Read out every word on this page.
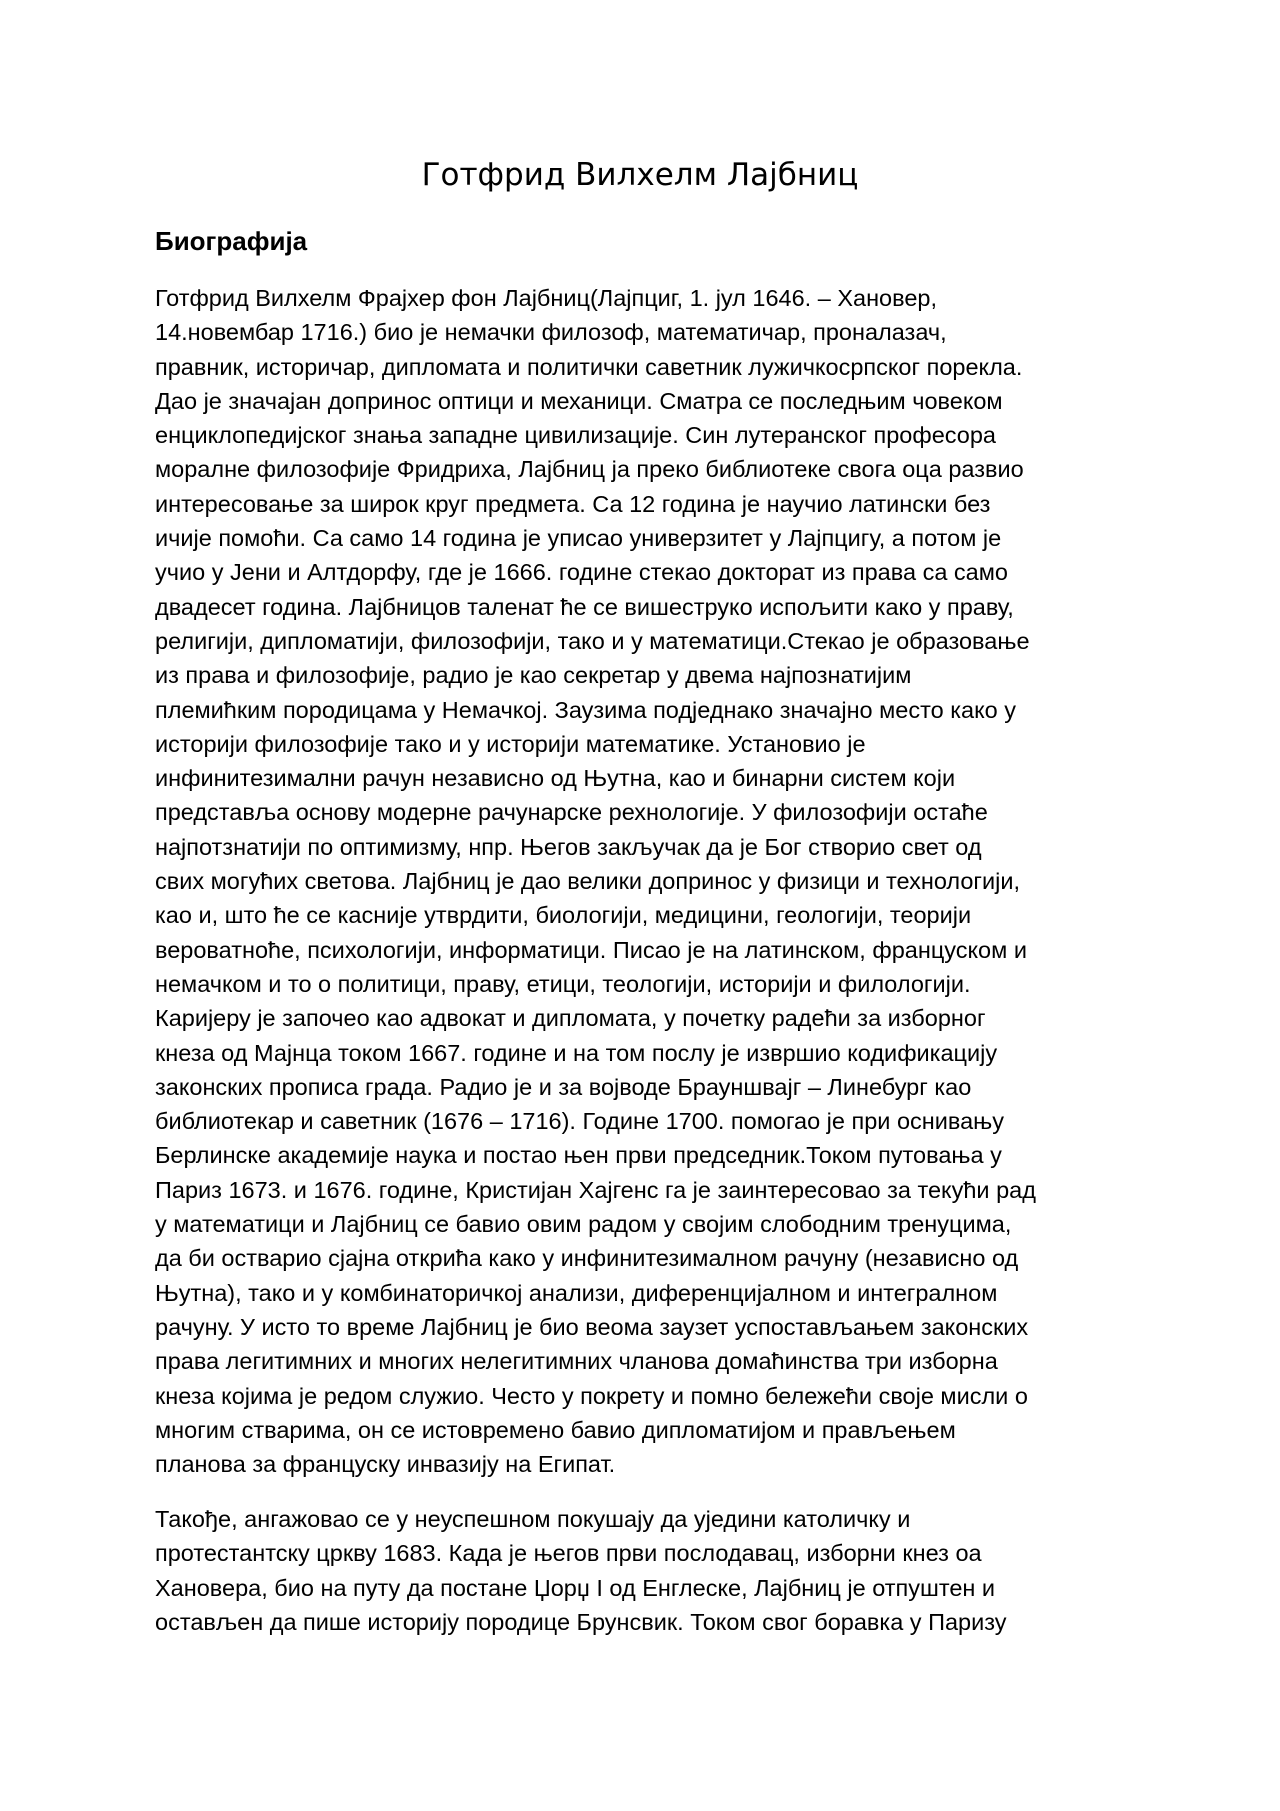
Готфрид Вилхелм Лајбниц
Биографија
Готфрид Вилхелм Фрајхер фон Лајбниц(Лајпциг, 1. јул 1646. – Хановер,
14.новембар 1716.) био је немачки филозоф, математичар, проналазач,
правник, историчар, дипломата и политички саветник лужичкосрпског порекла.
Дао је значајан допринос оптици и механици. Сматра се последњим човеком
енциклопедијског знања западне цивилизације. Син лутеранског професора
моралне филозофије Фридриха, Лајбниц ја преко библиотеке свога оца развио
интересовање за широк круг предмета. Са 12 година је научио латински без
ичије помоћи. Са само 14 година је уписао универзитет у Лајпцигу, а потом је
учио у Јени и Алтдорфу, где је 1666. године стекао докторат из права са само
двадесет година. Лајбницов таленат ће се вишеструко испољити како у праву,
религији, дипломатији, филозофији, тако и у математици.Стекао је образовање
из права и филозофије, радио је као секретар у двема најпознатијим
племићким породицама у Немачкој. Заузима подједнако значајно место како у
историји филозофије тако и у историји математике. Установио је
инфинитезимални рачун независно од Њутна, као и бинарни систем који
представља основу модерне рачунарске рехнологије. У филозофији остаће
најпотзнатији по оптимизму, нпр. Његов закључак да је Бог створио свет од
свих могућих светова. Лајбниц је дао велики допринос у физици и технологији,
као и, што ће се касније утврдити, биологији, медицини, геологији, теорији
вероватноће, психологији, информатици. Писао је на латинском, француском и
немачком и то о политици, праву, етици, теологији, историји и филологији.
Каријеру је започео као адвокат и дипломата, у почетку радећи за изборног
кнеза од Мајнца током 1667. године и на том послу је извршио кодификацију
законских прописа града. Радио је и за војводе Брауншвајг – Линебург као
библиотекар и саветник (1676 – 1716). Године 1700. помогао је при оснивању
Берлинске академије наука и постао њен први председник.Током путовања у
Париз 1673. и 1676. године, Кристијан Хајгенс га је заинтересовао за текући рад
у математици и Лајбниц се бавио овим радом у својим слободним тренуцима,
да би остварио сјајна открића како у инфинитезималном рачуну (независно од
Њутна), тако и у комбинаторичкој анализи, диференцијалном и интегралном
рачуну. У исто то време Лајбниц је био веома заузет успостављањем законских
права легитимних и многих нелегитимних чланова домаћинства три изборна
кнеза којима је редом служио. Често у покрету и помно бележећи своје мисли о
многим стварима, он се истовремено бавио дипломатијом и прављењем
планова за француску инвазију на Египат.
Такође, ангажовао се у неуспешном покушају да уједини католичку и
протестантску цркву 1683. Када је његов први послодавац, изборни кнез оа
Хановера, био на путу да постане Џорџ I од Енглеске, Лајбниц је отпуштен и
остављен да пише историју породице Брунсвик. Током свог боравка у Паризу
